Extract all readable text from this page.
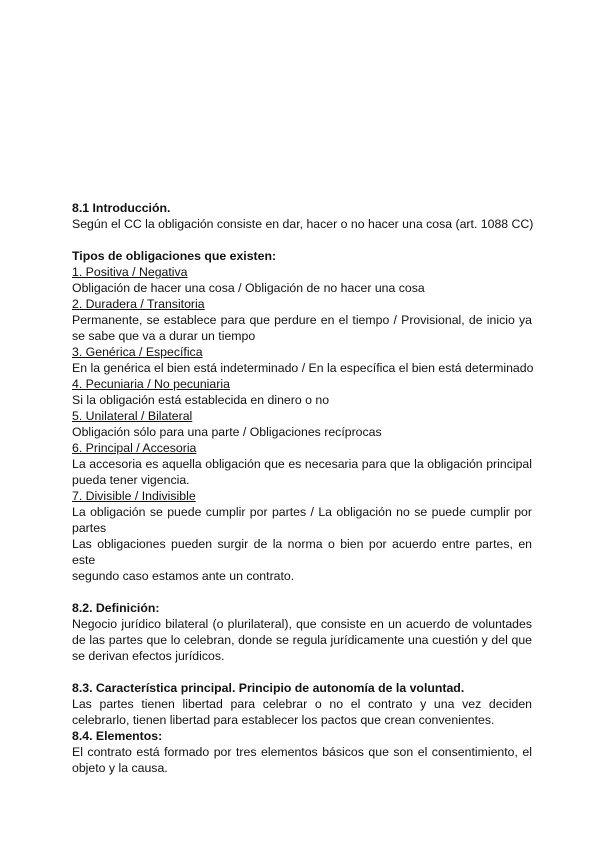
8.1 Introducción.
Según el CC la obligación consiste en dar, hacer o no hacer una cosa (art. 1088 CC)
Tipos de obligaciones que existen:
1. Positiva / Negativa
Obligación de hacer una cosa / Obligación de no hacer una cosa
2. Duradera / Transitoria
Permanente, se establece para que perdure en el tiempo / Provisional, de inicio ya
se sabe que va a durar un tiempo
3. Genérica / Específica
En la genérica el bien está indeterminado / En la específica el bien está determinado
4. Pecuniaria / No pecuniaria
Si la obligación está establecida en dinero o no
5. Unilateral / Bilateral
Obligación sólo para una parte / Obligaciones recíprocas
6. Principal / Accesoria
La accesoria es aquella obligación que es necesaria para que la obligación principal
pueda tener vigencia.
7. Divisible / Indivisible
La obligación se puede cumplir por partes / La obligación no se puede cumplir por
partes
Las obligaciones pueden surgir de la norma o bien por acuerdo entre partes, en este
segundo caso estamos ante un contrato.
8.2. Definición:
Negocio jurídico bilateral (o plurilateral), que consiste en un acuerdo de voluntades
de las partes que lo celebran, donde se regula jurídicamente una cuestión y del que
se derivan efectos jurídicos.
8.3. Característica principal. Principio de autonomía de la voluntad.
Las partes tienen libertad para celebrar o no el contrato y una vez deciden
celebrarlo, tienen libertad para establecer los pactos que crean convenientes.
8.4. Elementos:
El contrato está formado por tres elementos básicos que son el consentimiento, el
objeto y la causa.
